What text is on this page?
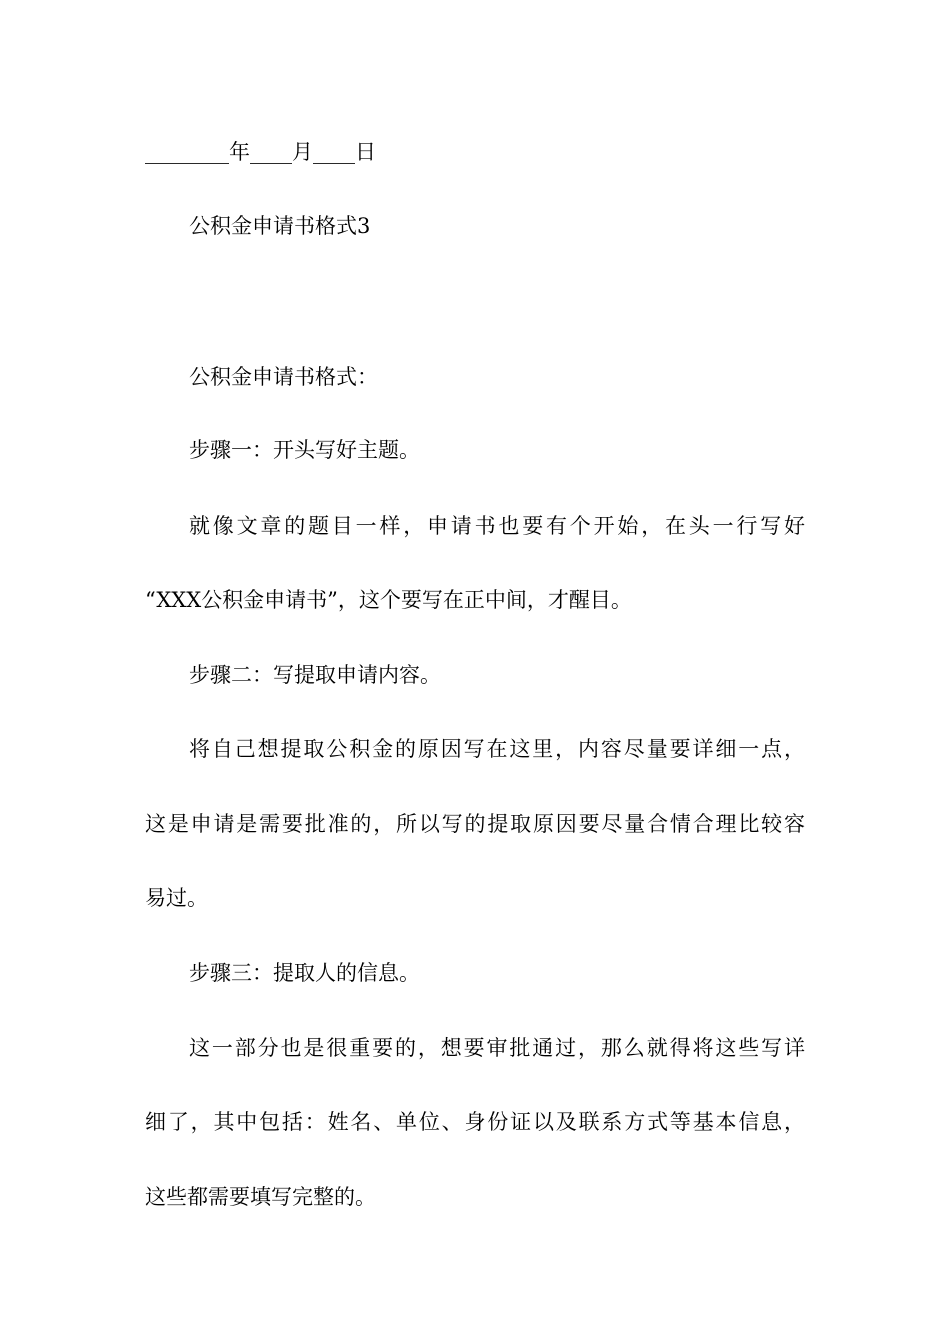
________年____月____日
公积金申请书格式3
公积金申请书格式：
步骤一：开头写好主题。
就像文章的题目一样，申请书也要有个开始，在头一行写好
“XXX公积金申请书”，这个要写在正中间，才醒目。
步骤二：写提取申请内容。
将自己想提取公积金的原因写在这里，内容尽量要详细一点，
这是申请是需要批准的，所以写的提取原因要尽量合情合理比较容
易过。
步骤三：提取人的信息。
这一部分也是很重要的，想要审批通过，那么就得将这些写详
细了，其中包括：姓名、单位、身份证以及联系方式等基本信息，
这些都需要填写完整的。
